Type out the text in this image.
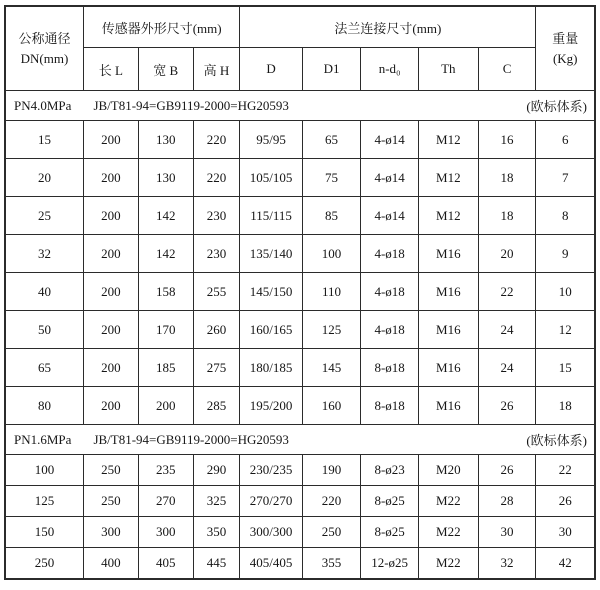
公称通径
DN(mm)
	传感器外形尺寸(mm)	法兰连接尺寸(mm)	
重量
(Kg)

	长 L	宽 B	高 H	D	D1	n-d₀	Th	C	

PN4.0MPa JB/T81-94=GB9119-2000=HG20593 (欧标体系)									

15	200	130	220	95/95	65	4-ø14	M12	16	6
20	200	130	220	105/105	75	4-ø14	M12	18	7
25	200	142	230	115/115	85	4-ø14	M12	18	8
32	200	142	230	135/140	100	4-ø18	M16	20	9
40	200	158	255	145/150	110	4-ø18	M16	22	10
50	200	170	260	160/165	125	4-ø18	M16	24	12
65	200	185	275	180/185	145	8-ø18	M16	24	15
80	200	200	285	195/200	160	8-ø18	M16	26	18

PN1.6MPa JB/T81-94=GB9119-2000=HG20593 (欧标体系)									

100	250	235	290	230/235	190	8-ø23	M20	26	22
125	250	270	325	270/270	220	8-ø25	M22	28	26
150	300	300	350	300/300	250	8-ø25	M22	30	30
250	400	405	445	405/405	355	12-ø25	M22	32	42
